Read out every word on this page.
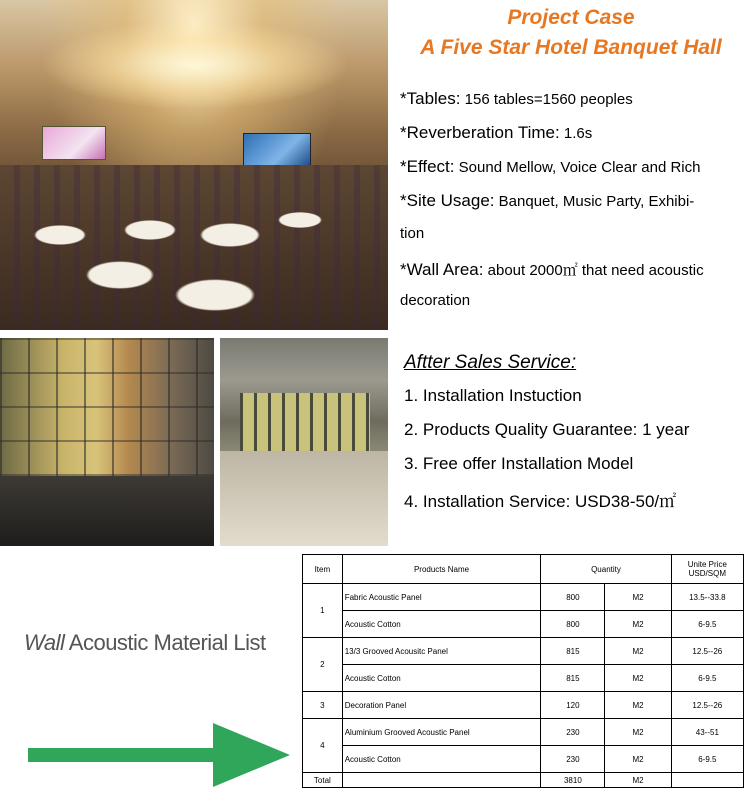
Project Case
A Five Star Hotel Banquet Hall
*Tables: 156 tables=1560 peoples
*Reverberation Time: 1.6s
*Effect: Sound Mellow, Voice Clear and Rich
*Site Usage: Banquet, Music Party, Exhibi-
tion
*Wall Area: about 2000㎡ that need acoustic
decoration
Aftter Sales Service:
1. Installation Instuction
2. Products Quality Guarantee: 1 year
3. Free offer Installation Model
4. Installation Service: USD38-50/㎡
Wall Acoustic Material List
Item	Products Name	Quantity		Unite Price
USD/SQM
1	Fabric Acoustic Panel	800	M2	13.5--33.8
	Acoustic Cotton	800	M2	6-9.5
2	13/3 Grooved Acousitc Panel	815	M2	12.5--26
	Acoustic Cotton	815	M2	6-9.5
3	Decoration Panel	120	M2	12.5--26
4	Aluminium Grooved Acoustic Panel	230	M2	43--51
	Acoustic Cotton	230	M2	6-9.5
Total		3810	M2	
